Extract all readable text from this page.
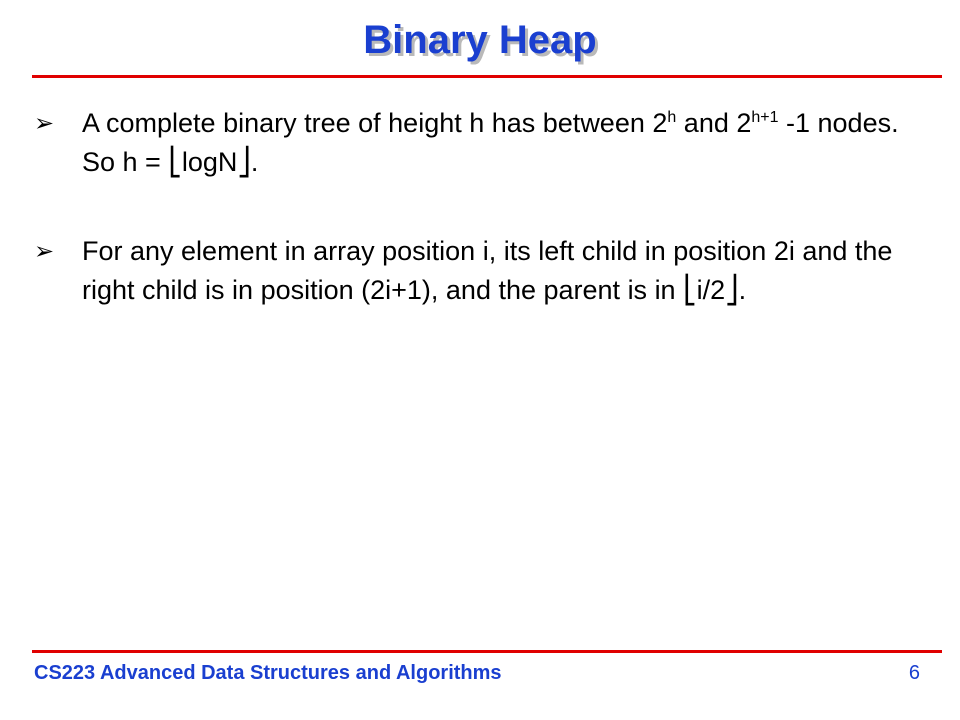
Binary Heap
➢	A complete binary tree of height h has between 2$^h$ and $2^{h+1}$ -1 nodes. So h = ⎣logN⎦.
➢	For any element in array position i, its left child in position 2i and the right child is in position (2i+1), and the parent is in ⎣i/2⎦.
CS223 Advanced Data Structures and Algorithms	6
